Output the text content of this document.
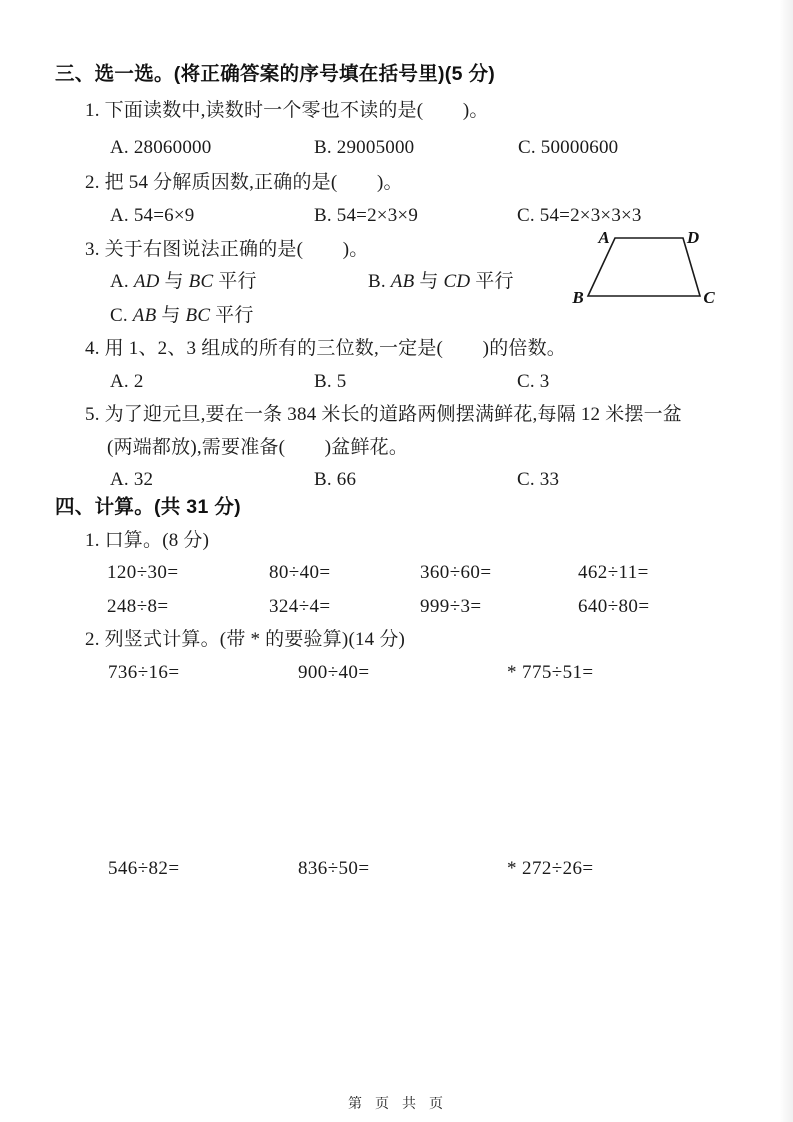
三、选一选。(将正确答案的序号填在括号里)(5 分)
1. 下面读数中,读数时一个零也不读的是(        )。

A. 28060000

	B. 29005000

	C. 50000600

2. 把 54 分解质因数,正确的是(        )。

A. 54=6×9

	B. 54=2×3×9

	C. 54=2×3×3×3

3. 关于右图说法正确的是(        )。

A. AD 与 BC 平行

	B. AB 与 CD 平行

C. AB 与 BC 平行

A	D
B	C
4. 用 1、2、3 组成的所有的三位数,一定是(        )的倍数。

A. 2

	B. 5

	C. 3

5. 为了迎元旦,要在一条 384 米长的道路两侧摆满鲜花,每隔 12 米摆一盆
(两端都放),需要准备(        )盆鲜花。

A. 32

	B. 66

	C. 33

四、计算。(共 31 分)
1. 口算。(8 分)

120÷30=

	80÷40=

	360÷60=

	462÷11=

248÷8=

	324÷4=

	999÷3=

	640÷80=

2. 列竖式计算。(带 * 的要验算)(14 分)

736÷16=

	900÷40=

	* 775÷51=

546÷82=

	836÷50=

	* 272÷26=

第  页  共  页
